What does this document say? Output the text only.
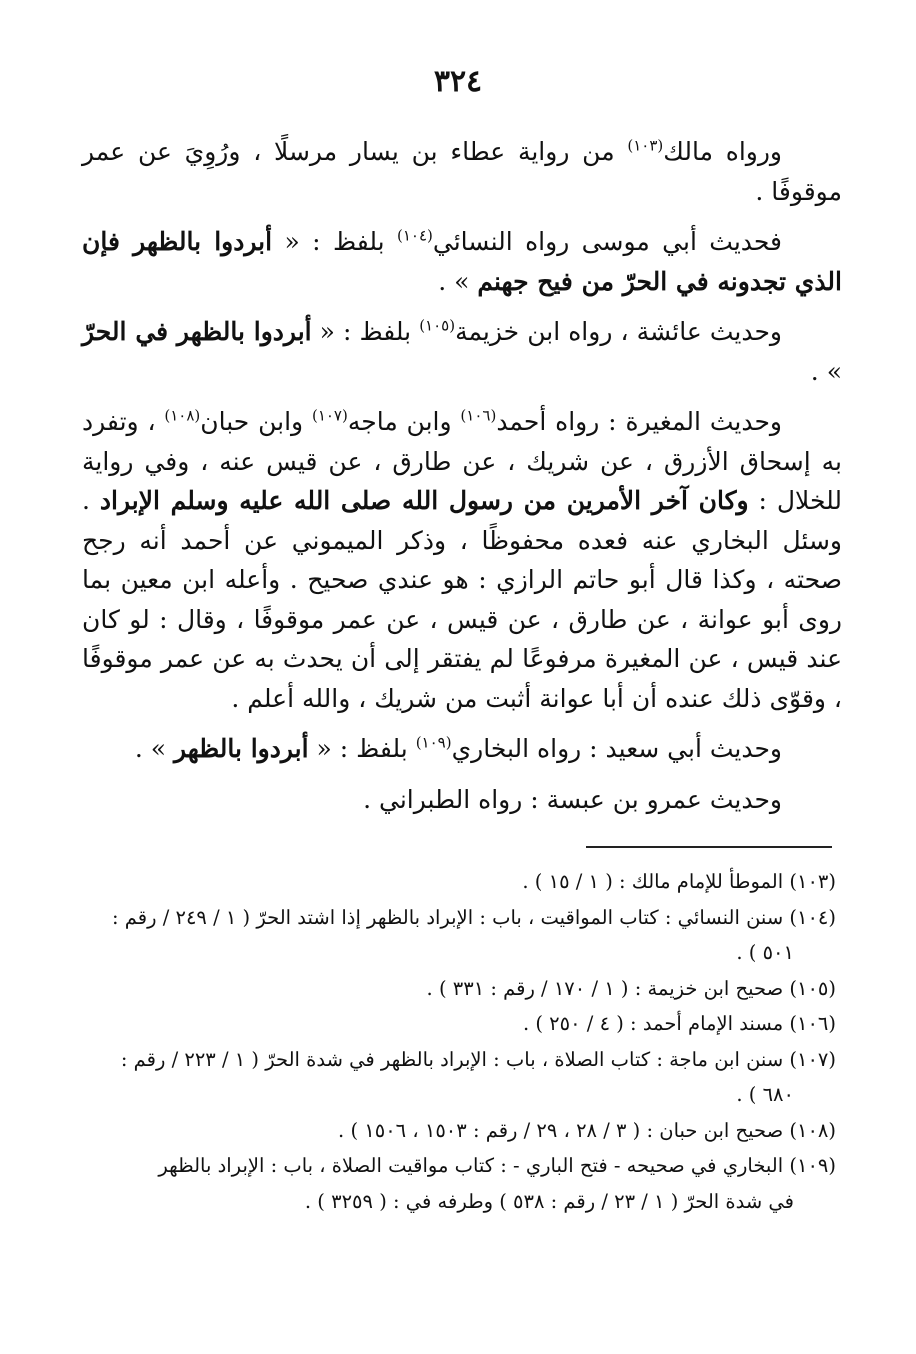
٣٢٤

ورواه مالك$^{(١٠٣)}$ من رواية عطاء بن يسار مرسلًا ، ورُوِيَ عن عمر موقوفًا .

فحديث أبي موسى رواه النسائي$^{(١٠٤)}$ بلفظ : « أبردوا بالظهر فإن الذي تجدونه في الحرّ من فيح جهنم » .

وحديث عائشة ، رواه ابن خزيمة$^{(١٠٥)}$ بلفظ : « أبردوا بالظهر في الحرّ » .

وحديث المغيرة : رواه أحمد$^{(١٠٦)}$ وابن ماجه$^{(١٠٧)}$ وابن حبان$^{(١٠٨)}$ ، وتفرد به إسحاق الأزرق ، عن شريك ، عن طارق ، عن قيس عنه ، وفي رواية للخلال : وكان آخر الأمرين من رسول الله صلى الله عليه وسلم الإبراد . وسئل البخاري عنه فعده محفوظًا ، وذكر الميموني عن أحمد أنه رجح صحته ، وكذا قال أبو حاتم الرازي : هو عندي صحيح . وأعله ابن معين بما روى أبو عوانة ، عن طارق ، عن قيس ، عن عمر موقوفًا ، وقال : لو كان عند قيس ، عن المغيرة مرفوعًا لم يفتقر إلى أن يحدث به عن عمر موقوفًا ، وقوّى ذلك عنده أن أبا عوانة أثبت من شريك ، والله أعلم .

وحديث أبي سعيد : رواه البخاري$^{(١٠٩)}$ بلفظ : « أبردوا بالظهر » .

وحديث عمرو بن عبسة : رواه الطبراني .

(١٠٣) الموطأ للإمام مالك : ( ١ / ١٥ ) .

(١٠٤) سنن النسائي : كتاب المواقيت ، باب : الإبراد بالظهر إذا اشتد الحرّ ( ١ / ٢٤٩ / رقم :
٥٠١ ) .

(١٠٥) صحيح ابن خزيمة : ( ١ / ١٧٠ / رقم : ٣٣١ ) .

(١٠٦) مسند الإمام أحمد : ( ٤ / ٢٥٠ ) .

(١٠٧) سنن ابن ماجة : كتاب الصلاة ، باب : الإبراد بالظهر في شدة الحرّ ( ١ / ٢٢٣ / رقم :
٦٨٠ ) .

(١٠٨) صحيح ابن حبان : ( ٣ / ٢٨ ، ٢٩ / رقم : ١٥٠٣ ، ١٥٠٦ ) .

(١٠٩) البخاري في صحيحه - فتح الباري - : كتاب مواقيت الصلاة ، باب : الإبراد بالظهر
في شدة الحرّ ( ١ / ٢٣ / رقم : ٥٣٨ ) وطرفه في : ( ٣٢٥٩ ) .
